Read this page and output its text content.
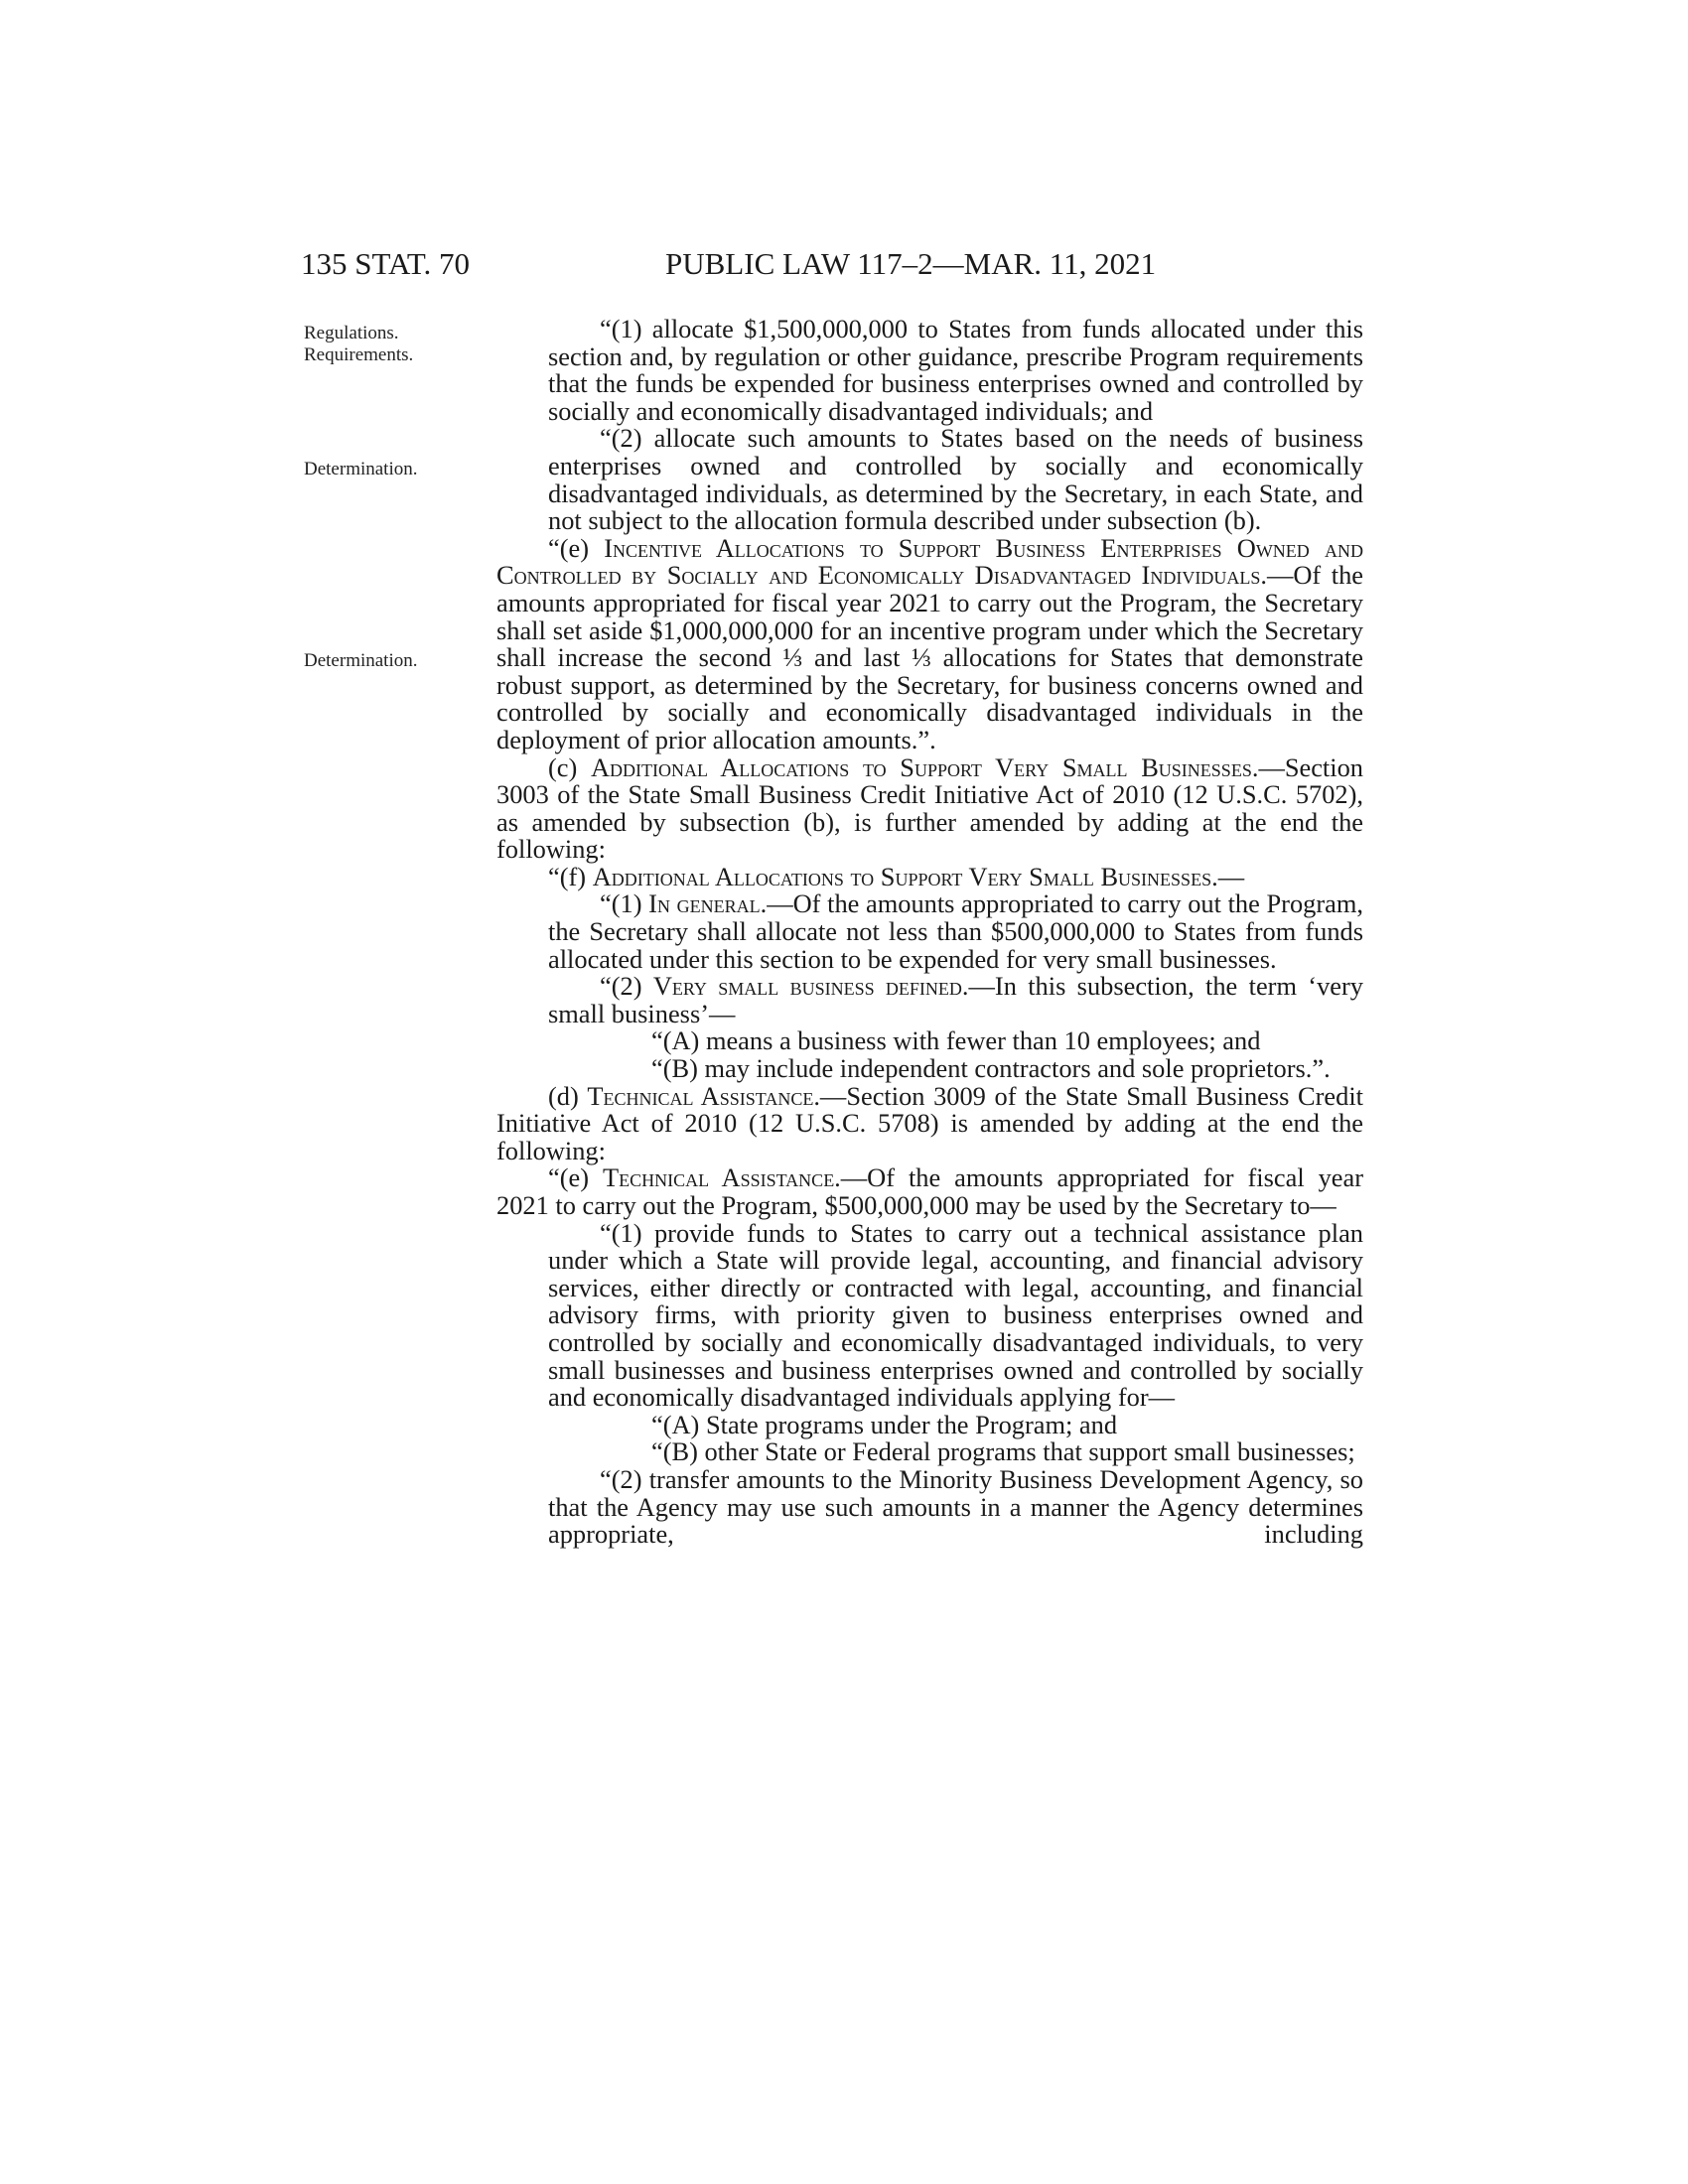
135 STAT. 70	PUBLIC LAW 117–2—MAR. 11, 2021
Regulations.
Requirements.
Determination.
Determination.

“(1) allocate $1,500,000,000 to States from funds allocated under this section and, by regulation or other guidance, prescribe Program requirements that the funds be expended for business enterprises owned and controlled by socially and economically disadvantaged individuals; and

“(2) allocate such amounts to States based on the needs of business enterprises owned and controlled by socially and economically disadvantaged individuals, as determined by the Secretary, in each State, and not subject to the allocation formula described under subsection (b).

“(e) Incentive Allocations to Support Business Enterprises Owned and Controlled by Socially and Economically Disadvantaged Individuals.—Of the amounts appropriated for fiscal year 2021 to carry out the Program, the Secretary shall set aside $1,000,000,000 for an incentive program under which the Secretary shall increase the second ⅓ and last ⅓ allocations for States that demonstrate robust support, as determined by the Secretary, for business concerns owned and controlled by socially and economically disadvantaged individuals in the deployment of prior allocation amounts.”.

(c) Additional Allocations to Support Very Small Businesses.—Section 3003 of the State Small Business Credit Initiative Act of 2010 (12 U.S.C. 5702), as amended by subsection (b), is further amended by adding at the end the following:

“(f) Additional Allocations to Support Very Small Businesses.—

“(1) In general.—Of the amounts appropriated to carry out the Program, the Secretary shall allocate not less than $500,000,000 to States from funds allocated under this section to be expended for very small businesses.

“(2) Very small business defined.—In this subsection, the term ‘very small business’—

“(A) means a business with fewer than 10 employees; and

“(B) may include independent contractors and sole proprietors.”.

(d) Technical Assistance.—Section 3009 of the State Small Business Credit Initiative Act of 2010 (12 U.S.C. 5708) is amended by adding at the end the following:

“(e) Technical Assistance.—Of the amounts appropriated for fiscal year 2021 to carry out the Program, $500,000,000 may be used by the Secretary to—

“(1) provide funds to States to carry out a technical assistance plan under which a State will provide legal, accounting, and financial advisory services, either directly or contracted with legal, accounting, and financial advisory firms, with priority given to business enterprises owned and controlled by socially and economically disadvantaged individuals, to very small businesses and business enterprises owned and controlled by socially and economically disadvantaged individuals applying for—

“(A) State programs under the Program; and

“(B) other State or Federal programs that support small businesses;

“(2) transfer amounts to the Minority Business Development Agency, so that the Agency may use such amounts in a manner the Agency determines appropriate, including
